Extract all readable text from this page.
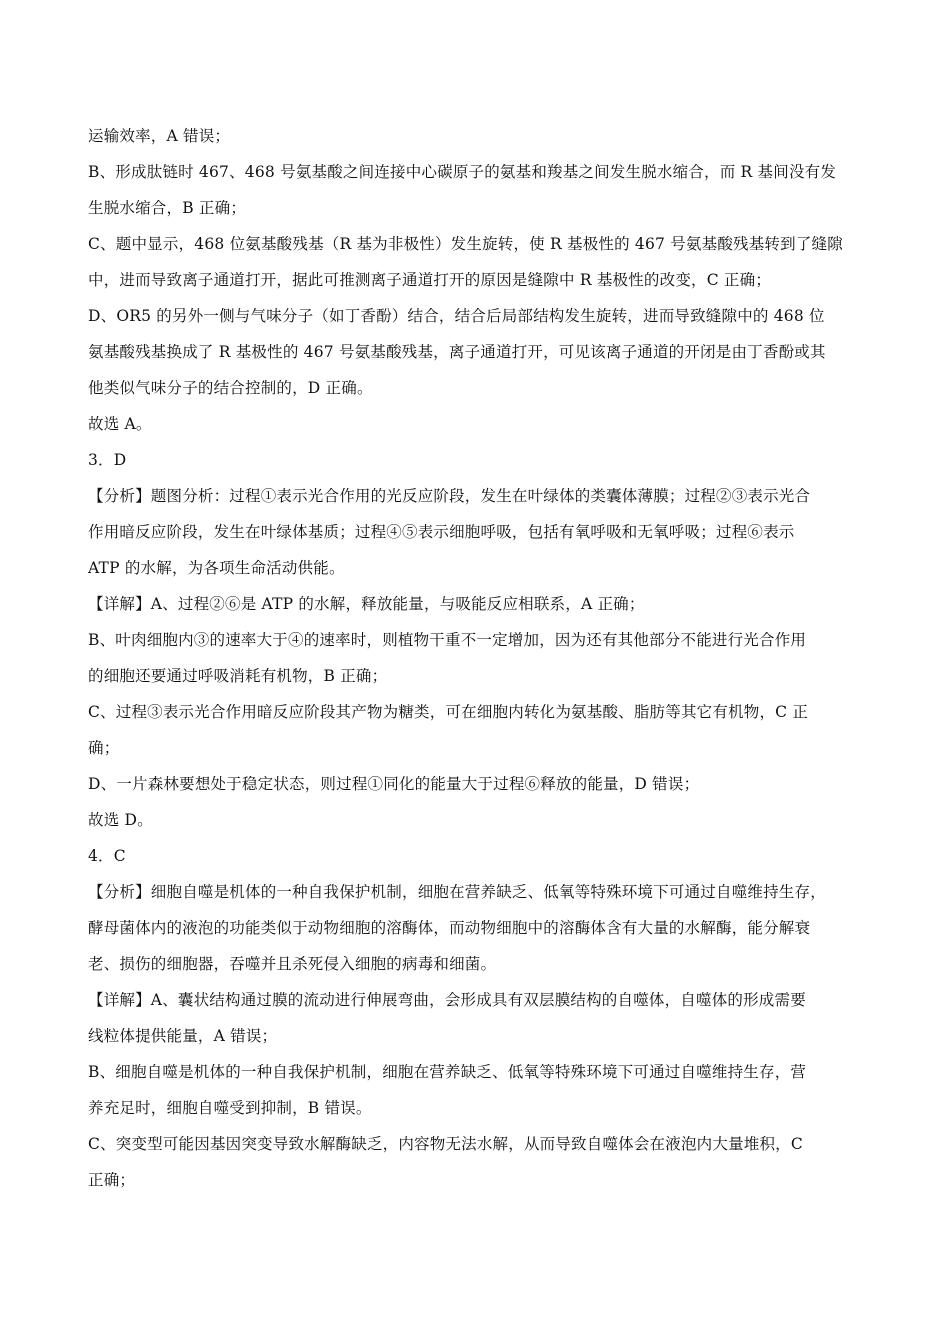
运输效率，A 错误；
B、形成肽链时 467、468 号氨基酸之间连接中心碳原子的氨基和羧基之间发生脱水缩合，而 R 基间没有发
生脱水缩合，B 正确；
C、题中显示，468 位氨基酸残基（R 基为非极性）发生旋转，使 R 基极性的 467 号氨基酸残基转到了缝隙
中，进而导致离子通道打开，据此可推测离子通道打开的原因是缝隙中 R 基极性的改变，C 正确；
D、OR5 的另外一侧与气味分子（如丁香酚）结合，结合后局部结构发生旋转，进而导致缝隙中的 468 位
氨基酸残基换成了 R 基极性的 467 号氨基酸残基，离子通道打开，可见该离子通道的开闭是由丁香酚或其
他类似气味分子的结合控制的，D 正确。
故选 A。
3．D
【分析】题图分析：过程①表示光合作用的光反应阶段，发生在叶绿体的类囊体薄膜；过程②③表示光合
作用暗反应阶段，发生在叶绿体基质；过程④⑤表示细胞呼吸，包括有氧呼吸和无氧呼吸；过程⑥表示
ATP 的水解，为各项生命活动供能。
【详解】A、过程②⑥是 ATP 的水解，释放能量，与吸能反应相联系，A 正确；
B、叶肉细胞内③的速率大于④的速率时，则植物干重不一定增加，因为还有其他部分不能进行光合作用
的细胞还要通过呼吸消耗有机物，B 正确；
C、过程③表示光合作用暗反应阶段其产物为糖类，可在细胞内转化为氨基酸、脂肪等其它有机物，C 正
确；
D、一片森林要想处于稳定状态，则过程①同化的能量大于过程⑥释放的能量，D 错误；
故选 D。
4．C
【分析】细胞自噬是机体的一种自我保护机制，细胞在营养缺乏、低氧等特殊环境下可通过自噬维持生存，
酵母菌体内的液泡的功能类似于动物细胞的溶酶体，而动物细胞中的溶酶体含有大量的水解酶，能分解衰
老、损伤的细胞器，吞噬并且杀死侵入细胞的病毒和细菌。
【详解】A、囊状结构通过膜的流动进行伸展弯曲，会形成具有双层膜结构的自噬体，自噬体的形成需要
线粒体提供能量，A 错误；
B、细胞自噬是机体的一种自我保护机制，细胞在营养缺乏、低氧等特殊环境下可通过自噬维持生存，营
养充足时，细胞自噬受到抑制，B 错误。
C、突变型可能因基因突变导致水解酶缺乏，内容物无法水解，从而导致自噬体会在液泡内大量堆积，C
正确；
